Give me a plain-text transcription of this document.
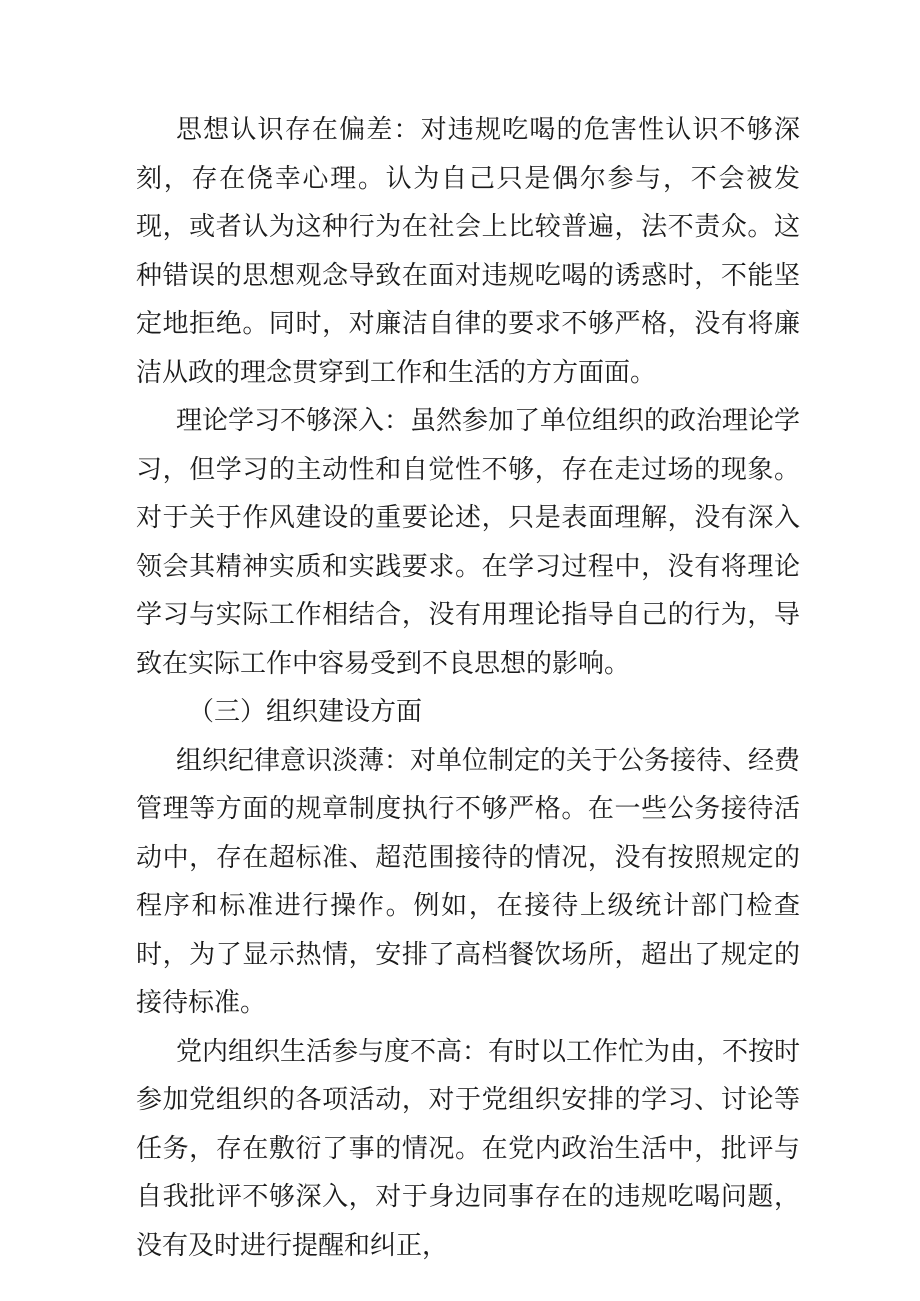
思想认识存在偏差：对违规吃喝的危害性认识不够深刻，存在侥幸心理。认为自己只是偶尔参与，不会被发现，或者认为这种行为在社会上比较普遍，法不责众。这种错误的思想观念导致在面对违规吃喝的诱惑时，不能坚定地拒绝。同时，对廉洁自律的要求不够严格，没有将廉洁从政的理念贯穿到工作和生活的方方面面。

理论学习不够深入：虽然参加了单位组织的政治理论学习，但学习的主动性和自觉性不够，存在走过场的现象。对于关于作风建设的重要论述，只是表面理解，没有深入领会其精神实质和实践要求。在学习过程中，没有将理论学习与实际工作相结合，没有用理论指导自己的行为，导致在实际工作中容易受到不良思想的影响。

（三）组织建设方面

组织纪律意识淡薄：对单位制定的关于公务接待、经费管理等方面的规章制度执行不够严格。在一些公务接待活动中，存在超标准、超范围接待的情况，没有按照规定的程序和标准进行操作。例如，在接待上级统计部门检查时，为了显示热情，安排了高档餐饮场所，超出了规定的接待标准。

党内组织生活参与度不高：有时以工作忙为由，不按时参加党组织的各项活动，对于党组织安排的学习、讨论等任务，存在敷衍了事的情况。在党内政治生活中，批评与自我批评不够深入，对于身边同事存在的违规吃喝问题，没有及时进行提醒和纠正，
